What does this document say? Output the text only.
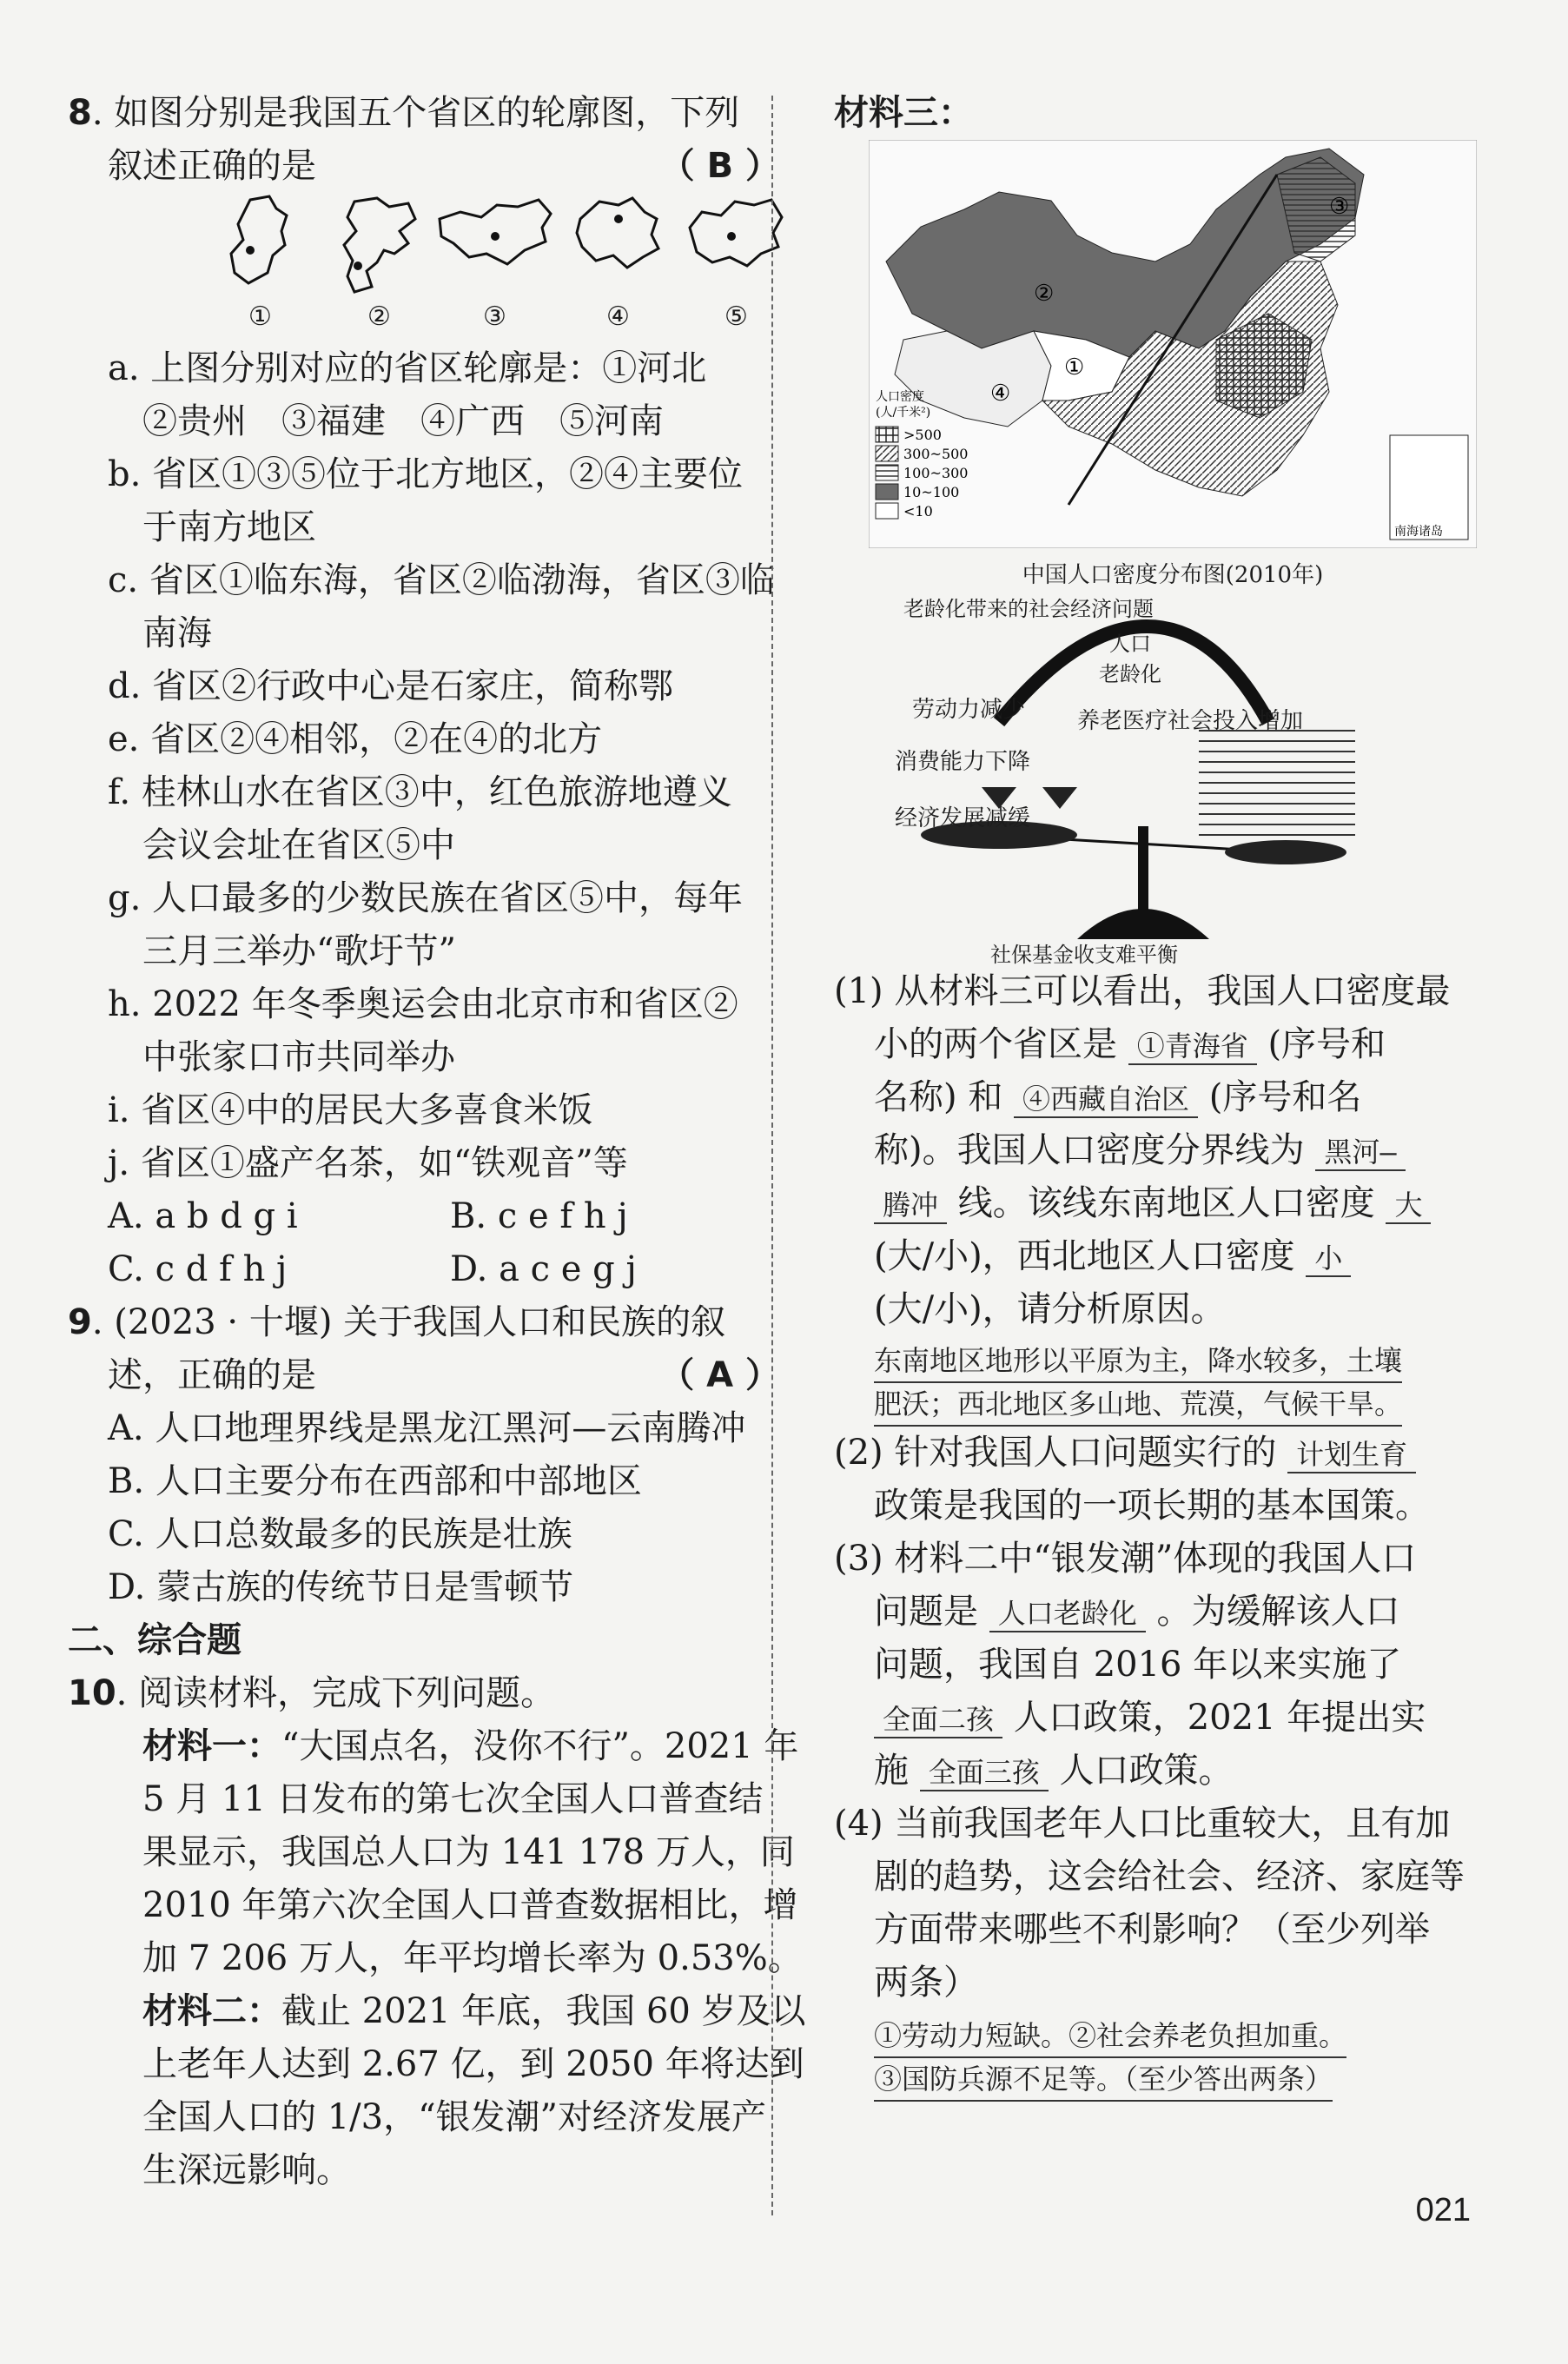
8. 如图分别是我国五个省区的轮廓图，下列
叙述正确的是	（ B ）
①	②	③	④	⑤
a. 上图分别对应的省区轮廓是：①河北
②贵州　③福建　④广西　⑤河南
b. 省区①③⑤位于北方地区，②④主要位
于南方地区
c. 省区①临东海，省区②临渤海，省区③临
南海
d. 省区②行政中心是石家庄，简称鄂
e. 省区②④相邻，②在④的北方
f. 桂林山水在省区③中，红色旅游地遵义
会议会址在省区⑤中
g. 人口最多的少数民族在省区⑤中，每年
三月三举办“歌圩节”
h. 2022 年冬季奥运会由北京市和省区②
中张家口市共同举办
i. 省区④中的居民大多喜食米饭
j. 省区①盛产名茶，如“铁观音”等
A. a b d g i	B. c e f h j
C. c d f h j	D. a c e g j
9. (2023 · 十堰) 关于我国人口和民族的叙
述，正确的是	（ A ）
A. 人口地理界线是黑龙江黑河—云南腾冲
B. 人口主要分布在西部和中部地区
C. 人口总数最多的民族是壮族
D. 蒙古族的传统节日是雪顿节
二、综合题
10. 阅读材料，完成下列问题。
材料一：“大国点名，没你不行”。2021 年
5 月 11 日发布的第七次全国人口普查结
果显示，我国总人口为 141 178 万人，同
2010 年第六次全国人口普查数据相比，增
加 7 206 万人，年平均增长率为 0.53%。
材料二：截止 2021 年底，我国 60 岁及以
上老年人达到 2.67 亿，到 2050 年将达到
全国人口的 1/3，“银发潮”对经济发展产
生深远影响。
材料三：
②
③
①
④
人口密度
(人/千米²)
>500
300~500
100~300
10~100
<10
南海诸岛
中国人口密度分布图(2010年)
老龄化带来的社会经济问题
人口
老龄化
劳动力减少
消费能力下降
经济发展减缓
养老医疗社会投入增加
社保基金收支难平衡
(1) 从材料三可以看出，我国人口密度最
小的两个省区是 ①青海省 (序号和
名称) 和 ④西藏自治区 (序号和名
称)。我国人口密度分界线为 黑河—
腾冲 线。该线东南地区人口密度 大
(大/小)，西北地区人口密度 小
(大/小)，请分析原因。
东南地区地形以平原为主，降水较多，土壤
肥沃；西北地区多山地、荒漠，气候干旱。
(2) 针对我国人口问题实行的 计划生育
政策是我国的一项长期的基本国策。
(3) 材料二中“银发潮”体现的我国人口
问题是 人口老龄化 。为缓解该人口
问题，我国自 2016 年以来实施了
全面二孩 人口政策，2021 年提出实
施 全面三孩 人口政策。
(4) 当前我国老年人口比重较大，且有加
剧的趋势，这会给社会、经济、家庭等
方面带来哪些不利影响？（至少列举
两条）
①劳动力短缺。②社会养老负担加重。
③国防兵源不足等。（至少答出两条）
021
